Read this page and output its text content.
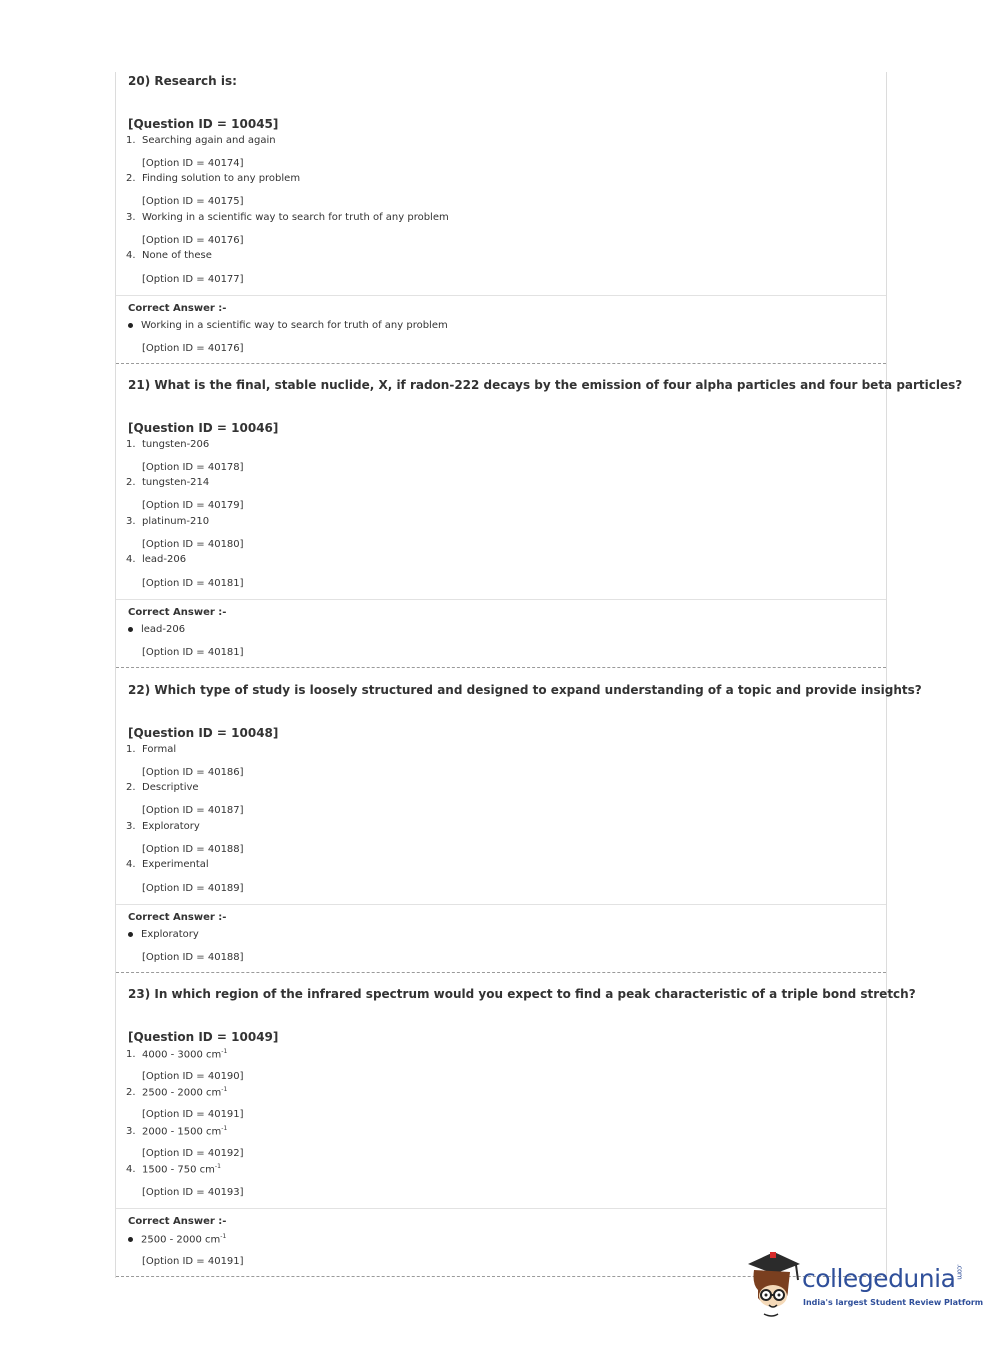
20) Research is:
[Question ID = 10045]
1. Searching again and again
[Option ID = 40174]
2. Finding solution to any problem
[Option ID = 40175]
3. Working in a scientific way to search for truth of any problem
[Option ID = 40176]
4. None of these
[Option ID = 40177]
Correct Answer :-
Working in a scientific way to search for truth of any problem
[Option ID = 40176]
21) What is the final, stable nuclide, X, if radon-222 decays by the emission of four alpha particles and four beta particles?
[Question ID = 10046]
1. tungsten-206
[Option ID = 40178]
2. tungsten-214
[Option ID = 40179]
3. platinum-210
[Option ID = 40180]
4. lead-206
[Option ID = 40181]
Correct Answer :-
lead-206
[Option ID = 40181]
22) Which type of study is loosely structured and designed to expand understanding of a topic and provide insights?
[Question ID = 10048]
1. Formal
[Option ID = 40186]
2. Descriptive
[Option ID = 40187]
3. Exploratory
[Option ID = 40188]
4. Experimental
[Option ID = 40189]
Correct Answer :-
Exploratory
[Option ID = 40188]
23) In which region of the infrared spectrum would you expect to find a peak characteristic of a triple bond stretch?
[Question ID = 10049]
1. 4000 - 3000 $cm^{-1}$
[Option ID = 40190]
2. 2500 - 2000 $cm^{-1}$
[Option ID = 40191]
3. 2000 - 1500 $cm^{-1}$
[Option ID = 40192]
4. 1500 - 750 $cm^{-1}$
[Option ID = 40193]
Correct Answer :-
2500 - 2000 $cm^{-1}$
[Option ID = 40191]
collegedunia.com
India's largest Student Review Platform
